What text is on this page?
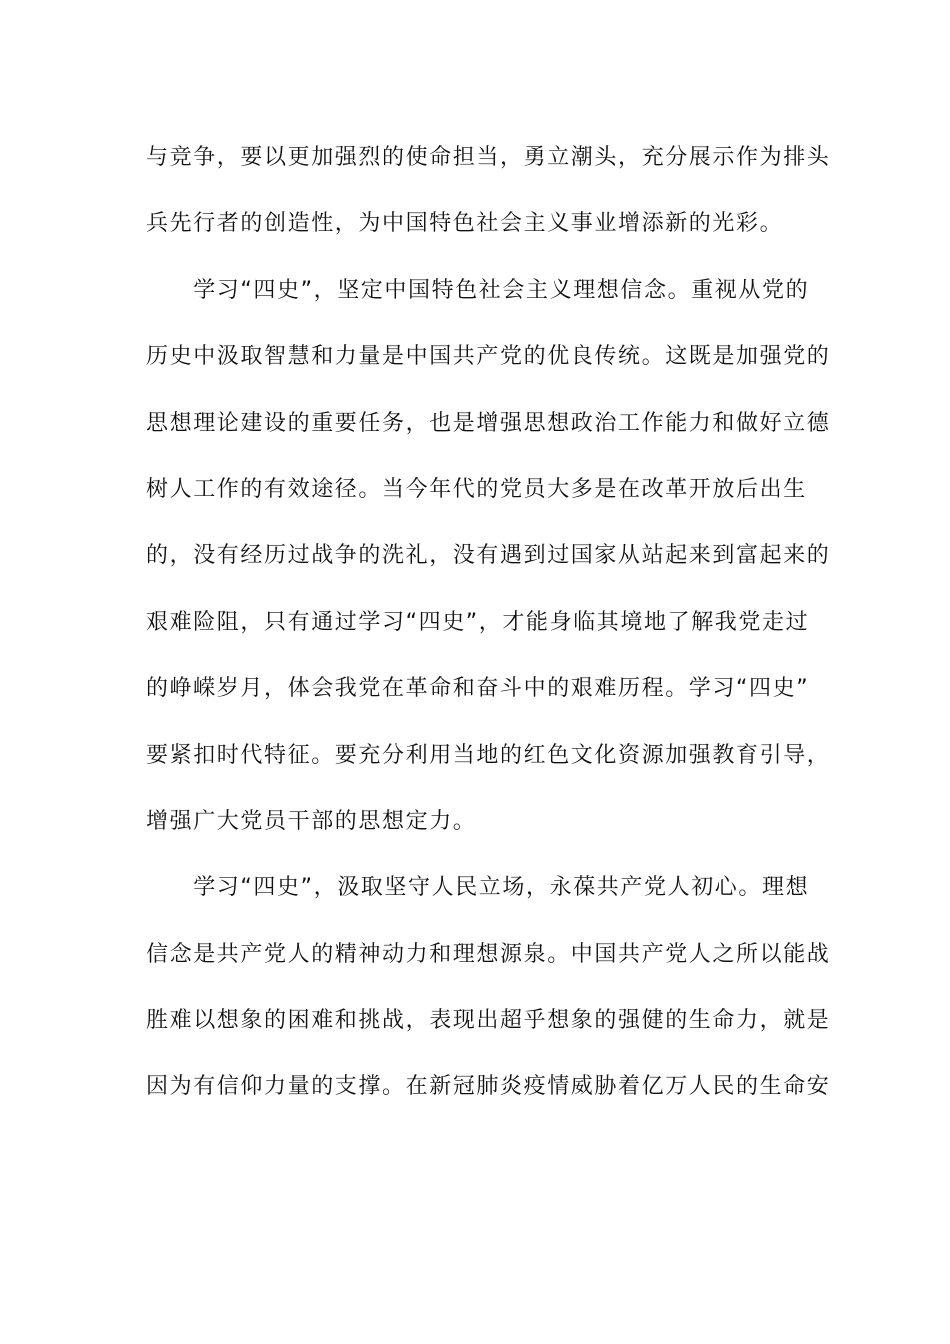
与竞争，要以更加强烈的使命担当，勇立潮头，充分展示作为排头
兵先行者的创造性，为中国特色社会主义事业增添新的光彩。
　　学习“四史”，坚定中国特色社会主义理想信念。重视从党的
历史中汲取智慧和力量是中国共产党的优良传统。这既是加强党的
思想理论建设的重要任务，也是增强思想政治工作能力和做好立德
树人工作的有效途径。当今年代的党员大多是在改革开放后出生
的，没有经历过战争的洗礼，没有遇到过国家从站起来到富起来的
艰难险阻，只有通过学习“四史”，才能身临其境地了解我党走过
的峥嵘岁月，体会我党在革命和奋斗中的艰难历程。学习“四史”
要紧扣时代特征。要充分利用当地的红色文化资源加强教育引导，
增强广大党员干部的思想定力。
　　学习“四史”，汲取坚守人民立场，永葆共产党人初心。理想
信念是共产党人的精神动力和理想源泉。中国共产党人之所以能战
胜难以想象的困难和挑战，表现出超乎想象的强健的生命力，就是
因为有信仰力量的支撑。在新冠肺炎疫情威胁着亿万人民的生命安
